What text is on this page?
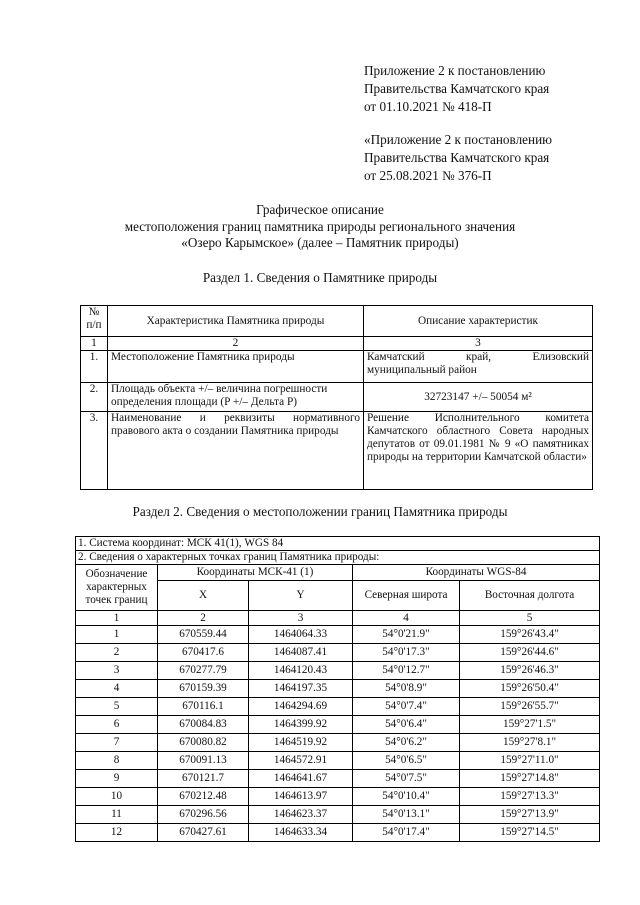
Приложение 2 к постановлению
Правительства Камчатского края
от 01.10.2021 № 418-П
«Приложение 2 к постановлению
Правительства Камчатского края
от 25.08.2021 № 376-П
Графическое описание
местоположения границ памятника природы регионального значения
«Озеро Карымское» (далее – Памятник природы)
Раздел 1. Сведения о Памятнике природы
№ п/п	Характеристика Памятника природы	Описание характеристик
1	2	3
1.	Местоположение Памятника природы	Камчатский край, Елизовский муниципальный район
2.	Площадь объекта +/– величина погрешности определения площади (P +/– Дельта P)	32723147 +/– 50054 м²
3.	Наименование и реквизиты нормативного правового акта о создании Памятника природы	Решение Исполнительного комитета Камчатского областного Совета народных депутатов от 09.01.1981 № 9 «О памятниках природы на территории Камчатской области»
Раздел 2. Сведения о местоположении границ Памятника природы
1. Система координат: МСК 41(1), WGS 84				
2. Сведения о характерных точках границ Памятника природы:				
Обозначение характерных точек границ	Координаты МСК-41 (1)		Координаты WGS-84	
	X	Y	Северная широта	Восточная долгота
1	2	3	4	5
1	670559.44	1464064.33	54°0'21.9"	159°26'43.4"
2	670417.6	1464087.41	54°0'17.3"	159°26'44.6"
3	670277.79	1464120.43	54°0'12.7"	159°26'46.3"
4	670159.39	1464197.35	54°0'8.9"	159°26'50.4"
5	670116.1	1464294.69	54°0'7.4"	159°26'55.7"
6	670084.83	1464399.92	54°0'6.4"	159°27'1.5"
7	670080.82	1464519.92	54°0'6.2"	159°27'8.1"
8	670091.13	1464572.91	54°0'6.5"	159°27'11.0"
9	670121.7	1464641.67	54°0'7.5"	159°27'14.8"
10	670212.48	1464613.97	54°0'10.4"	159°27'13.3"
11	670296.56	1464623.37	54°0'13.1"	159°27'13.9"
12	670427.61	1464633.34	54°0'17.4"	159°27'14.5"
